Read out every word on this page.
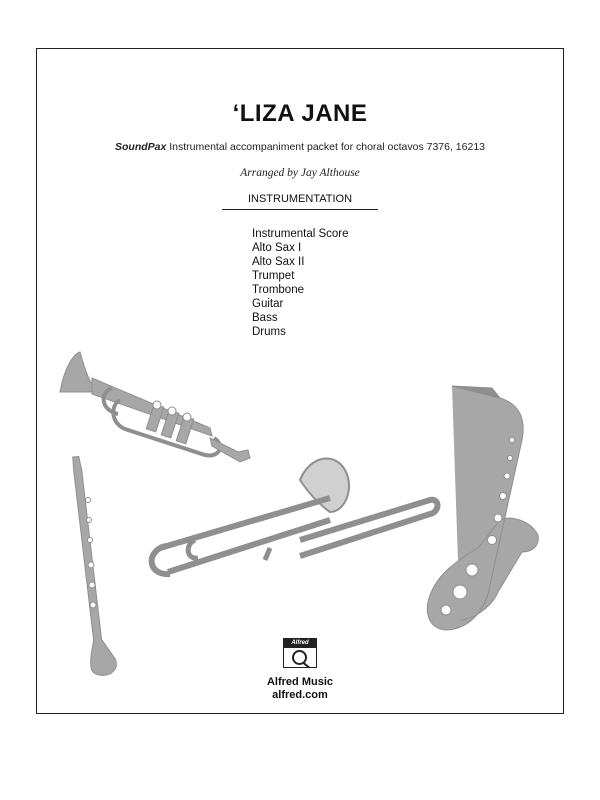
‘LIZA JANE
SoundPax Instrumental accompaniment packet for choral octavos 7376, 16213
Arranged by Jay Althouse
INSTRUMENTATION
Instrumental Score
Alto Sax I
Alto Sax II
Trumpet
Trombone
Guitar
Bass
Drums
Alfred
Alfred Music
alfred.com
